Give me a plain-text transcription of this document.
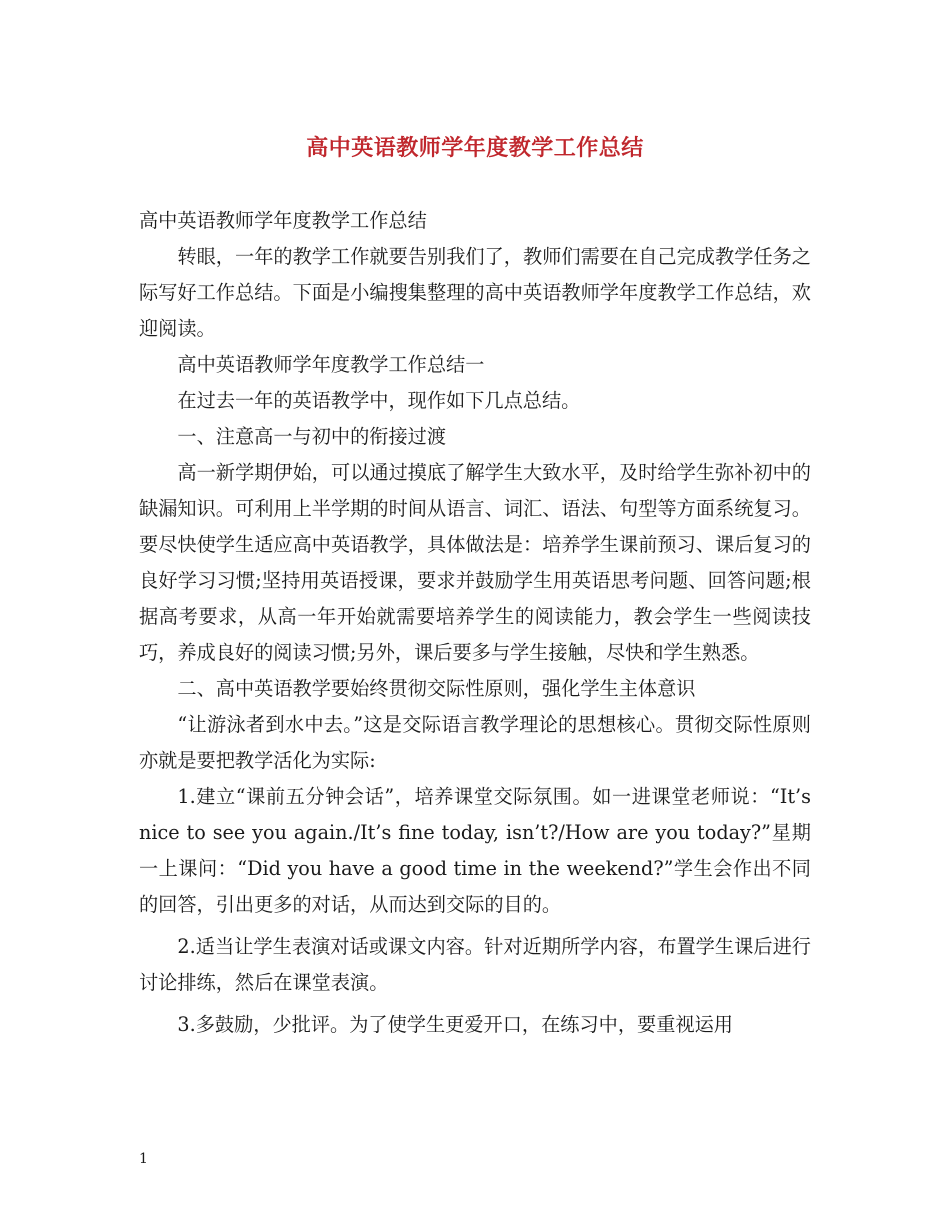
高中英语教师学年度教学工作总结

高中英语教师学年度教学工作总结

转眼，一年的教学工作就要告别我们了，教师们需要在自己完成教学任务之际写好工作总结。下面是小编搜集整理的高中英语教师学年度教学工作总结，欢迎阅读。

高中英语教师学年度教学工作总结一

在过去一年的英语教学中，现作如下几点总结。

一、注意高一与初中的衔接过渡

高一新学期伊始，可以通过摸底了解学生大致水平，及时给学生弥补初中的缺漏知识。可利用上半学期的时间从语言、词汇、语法、句型等方面系统复习。要尽快使学生适应高中英语教学，具体做法是：培养学生课前预习、课后复习的良好学习习惯;坚持用英语授课，要求并鼓励学生用英语思考问题、回答问题;根据高考要求，从高一年开始就需要培养学生的阅读能力，教会学生一些阅读技巧，养成良好的阅读习惯;另外，课后要多与学生接触，尽快和学生熟悉。

二、高中英语教学要始终贯彻交际性原则，强化学生主体意识

“让游泳者到水中去。”这是交际语言教学理论的思想核心。贯彻交际性原则亦就是要把教学活化为实际:

1.建立“课前五分钟会话”，培养课堂交际氛围。如一进课堂老师说：“It’s nice to see you again./It’s fine today, isn’t?/How are you today?”星期一上课问：“Did you have a good time in the weekend?”学生会作出不同的回答，引出更多的对话，从而达到交际的目的。

2.适当让学生表演对话或课文内容。针对近期所学内容，布置学生课后进行讨论排练，然后在课堂表演。

3.多鼓励，少批评。为了使学生更爱开口，在练习中，要重视运用

1
